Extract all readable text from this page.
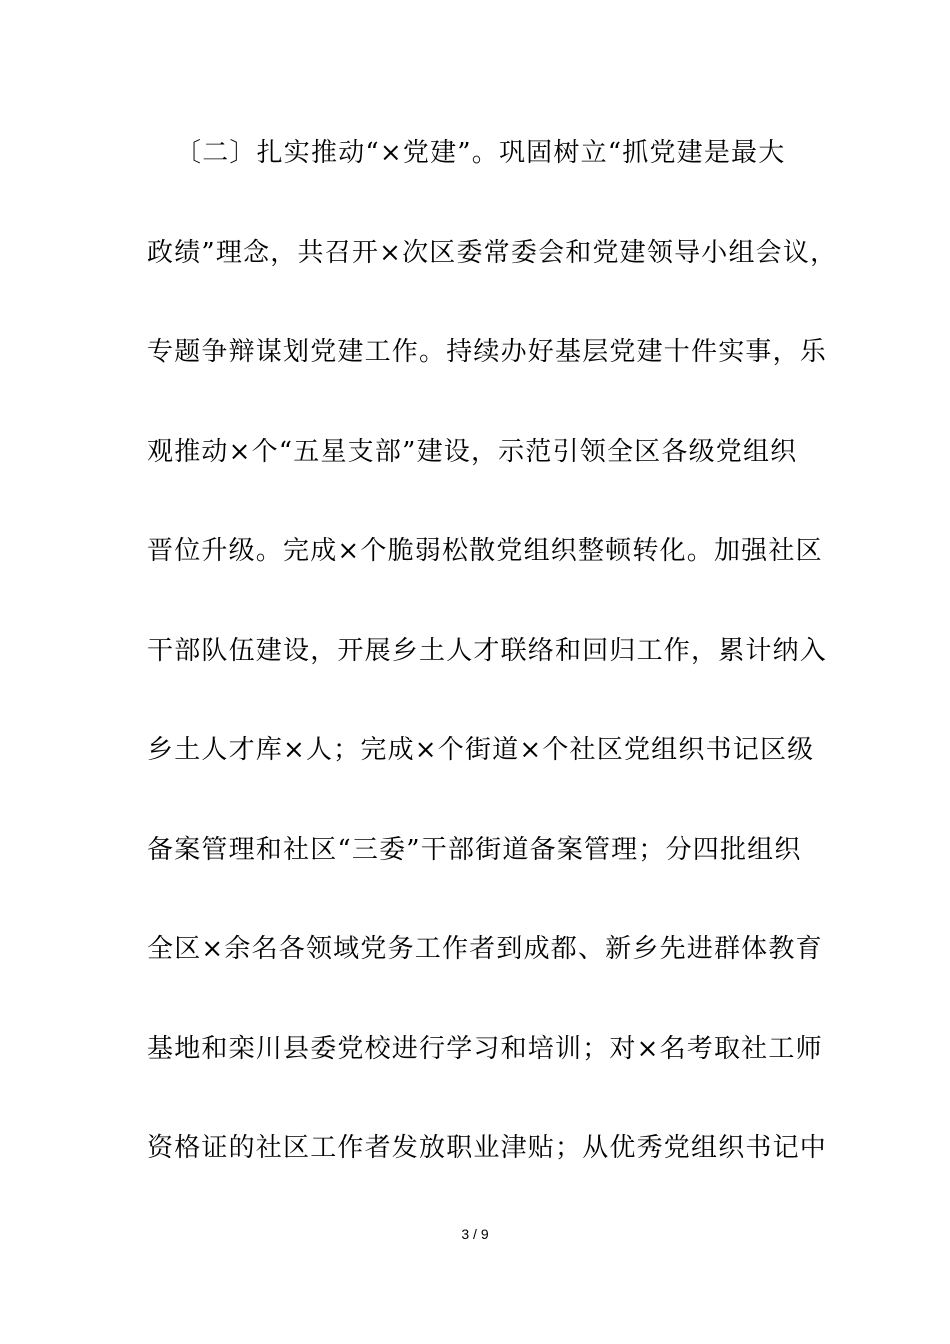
〔二〕扎实推动“×党建”。巩固树立“抓党建是最大
政绩”理念，共召开×次区委常委会和党建领导小组会议，
专题争辩谋划党建工作。持续办好基层党建十件实事，乐
观推动×个“五星支部”建设，示范引领全区各级党组织
晋位升级。完成×个脆弱松散党组织整顿转化。加强社区
干部队伍建设，开展乡土人才联络和回归工作，累计纳入
乡土人才库×人；完成×个街道×个社区党组织书记区级
备案管理和社区“三委”干部街道备案管理；分四批组织
全区×余名各领域党务工作者到成都、新乡先进群体教育
基地和栾川县委党校进行学习和培训；对×名考取社工师
资格证的社区工作者发放职业津贴；从优秀党组织书记中
3 / 9
